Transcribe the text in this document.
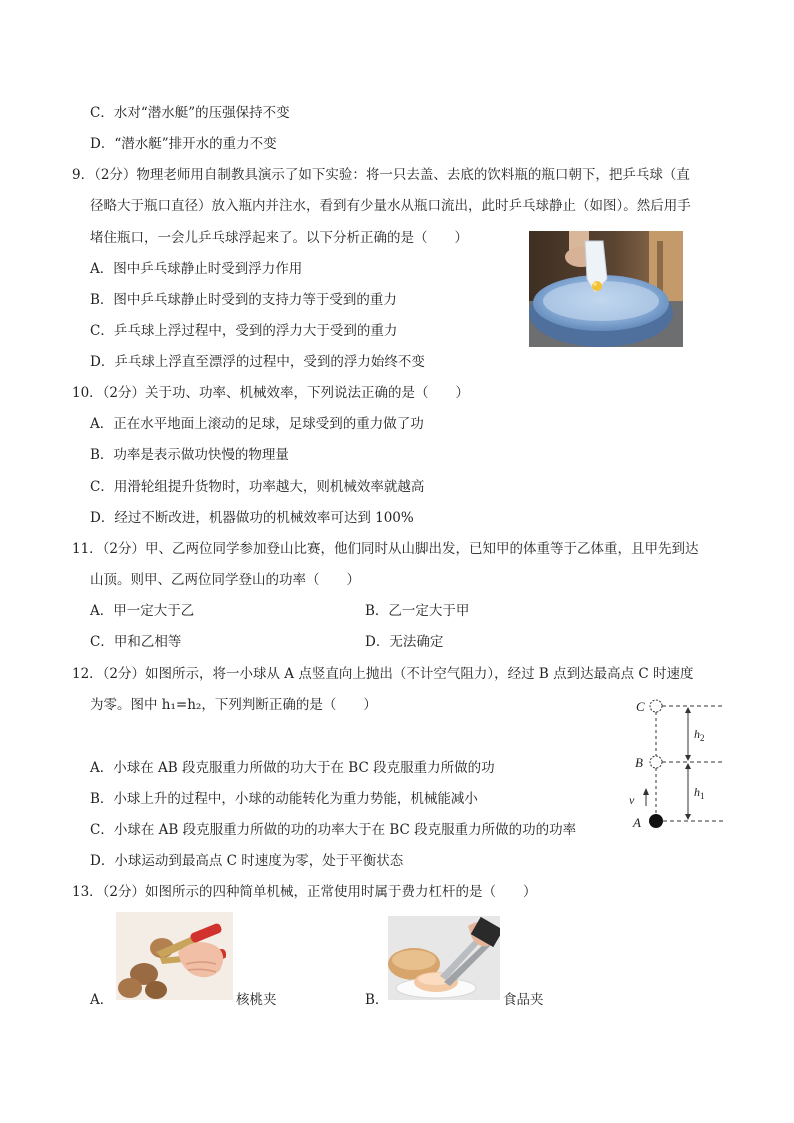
C．水对“潜水艇”的压强保持不变
D．“潜水艇”排开水的重力不变
9．（2分）物理老师用自制教具演示了如下实验：将一只去盖、去底的饮料瓶的瓶口朝下，把乒乓球（直
径略大于瓶口直径）放入瓶内并注水，看到有少量水从瓶口流出，此时乒乓球静止（如图）。然后用手
堵住瓶口，一会儿乒乓球浮起来了。以下分析正确的是（　　）
A．图中乒乓球静止时受到浮力作用
B．图中乒乓球静止时受到的支持力等于受到的重力
C．乒乓球上浮过程中，受到的浮力大于受到的重力
D．乒乓球上浮直至漂浮的过程中，受到的浮力始终不变
10．（2分）关于功、功率、机械效率，下列说法正确的是（　　）
A．正在水平地面上滚动的足球，足球受到的重力做了功
B．功率是表示做功快慢的物理量
C．用滑轮组提升货物时，功率越大，则机械效率就越高
D．经过不断改进，机器做功的机械效率可达到 100%
11．（2分）甲、乙两位同学参加登山比赛，他们同时从山脚出发，已知甲的体重等于乙体重，且甲先到达
山顶。则甲、乙两位同学登山的功率（　　）
A．甲一定大于乙	B．乙一定大于甲
C．甲和乙相等	D．无法确定
12．（2分）如图所示，将一小球从 A 点竖直向上抛出（不计空气阻力），经过 B 点到达最高点 C 时速度
为零。图中 h₁=h₂，下列判断正确的是（　　）
A．小球在 AB 段克服重力所做的功大于在 BC 段克服重力所做的功
B．小球上升的过程中，小球的动能转化为重力势能，机械能减小
C．小球在 AB 段克服重力所做的功的功率大于在 BC 段克服重力所做的功的功率
D．小球运动到最高点 C 时速度为零，处于平衡状态
C
B
A
v
$h_2$
$h_1$
13．（2分）如图所示的四种简单机械，正常使用时属于费力杠杆的是（　　）
A．	核桃夹	B．	食品夹
